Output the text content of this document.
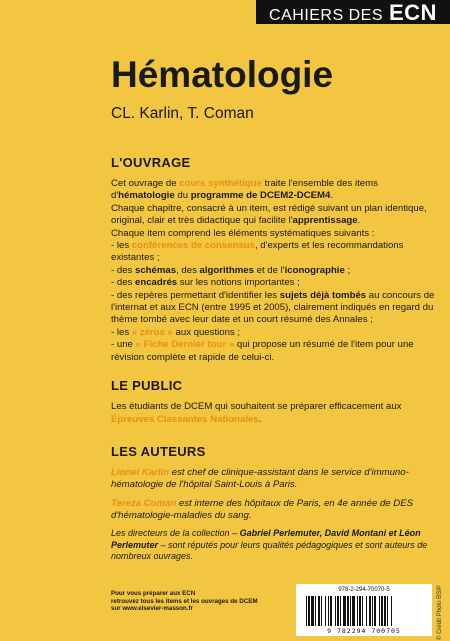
CAHIERS DES ECN
Hématologie
CL. Karlin, T. Coman
L'OUVRAGE
Cet ouvrage de cours synthétique traite l'ensemble des items d'hématologie du programme de DCEM2-DCEM4.
Chaque chapitre, consacré à un item, est rédigé suivant un plan identique, original, clair et très didactique qui facilite l'apprentissage.
Chaque item comprend les éléments systématiques suivants :
- les conférences de consensus, d'experts et les recommandations existantes ;
- des schémas, des algorithmes et de l'iconographie ;
- des encadrés sur les notions importantes ;
- des repères permettant d'identifier les sujets déjà tombés au concours de l'internat et aux ECN (entre 1995 et 2005), clairement indiqués en regard du thème tombé avec leur date et un court résumé des Annales ;
- les « zéros » aux questions ;
- une « Fiche Dernier tour » qui propose un résumé de l'item pour une révision complète et rapide de celui-ci.
LE PUBLIC
Les étudiants de DCEM qui souhaitent se préparer efficacement aux Épreuves Classantes Nationales.
LES AUTEURS
Lionel Karlin est chef de clinique-assistant dans le service d'immuno-hématologie de l'hôpital Saint-Louis à Paris.
Tereza Coman est interne des hôpitaux de Paris, en 4e année de DES d'hématologie-maladies du sang.
Les directeurs de la collection – Gabriel Perlemuter, David Montani et Léon Perlemuter – sont réputés pour leurs qualités pédagogiques et sont auteurs de nombreux ouvrages.
Pour vous préparer aux ECN
retrouvez tous les items et les ouvrages de DCEM
sur www.elsevier-masson.fr
978-2-294-70070-5
9 782294 700705	© Crédit Photo BSIP
